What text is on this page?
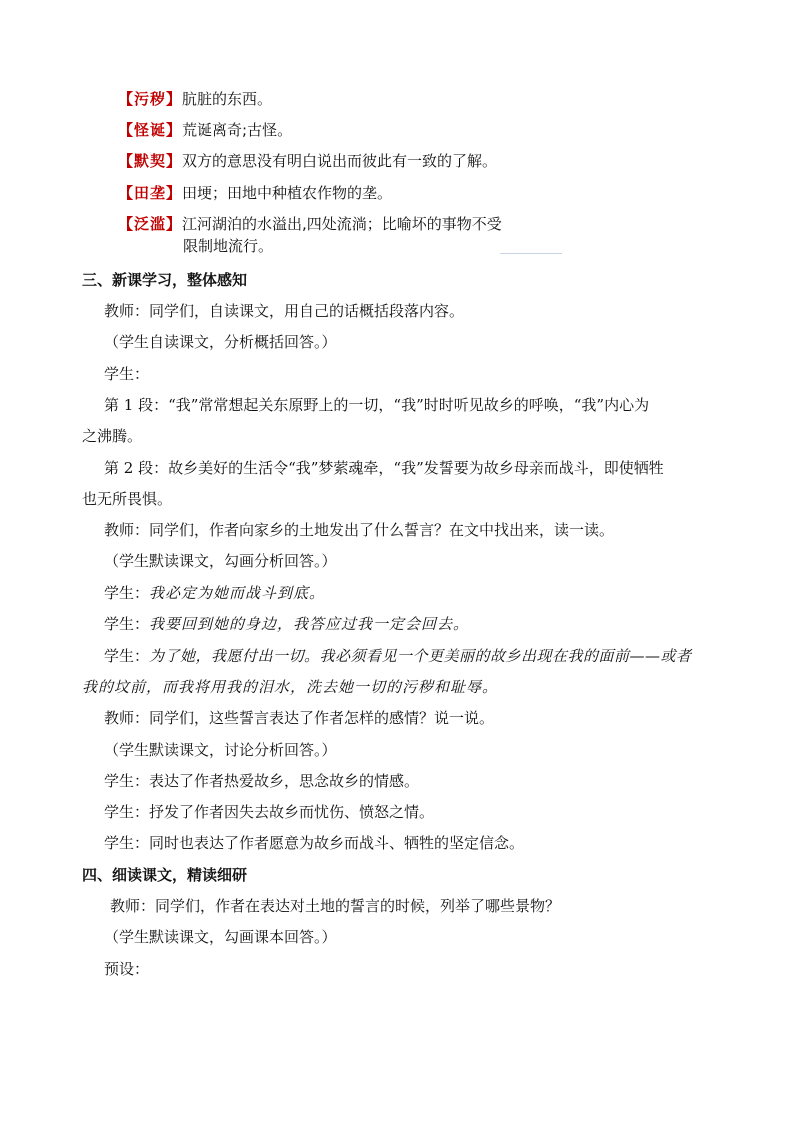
【污秽】肮脏的东西。
【怪诞】荒诞离奇;古怪。
【默契】双方的意思没有明白说出而彼此有一致的了解。
【田垄】田埂；田地中种植农作物的垄。
【泛滥】江河湖泊的水溢出,四处流淌；比喻坏的事物不受
限制地流行。
三、新课学习，整体感知
教师：同学们，自读课文，用自己的话概括段落内容。
（学生自读课文，分析概括回答。）
学生：
第 1 段：“我”常常想起关东原野上的一切，“我”时时听见故乡的呼唤，“我”内心为
之沸腾。
第 2 段：故乡美好的生活令“我”梦萦魂牵，“我”发誓要为故乡母亲而战斗，即使牺牲
也无所畏惧。
教师：同学们，作者向家乡的土地发出了什么誓言？在文中找出来，读一读。
（学生默读课文，勾画分析回答。）
学生：我必定为她而战斗到底。
学生：我要回到她的身边，我答应过我一定会回去。
学生：为了她，我愿付出一切。我必须看见一个更美丽的故乡出现在我的面前——或者
我的坟前，而我将用我的泪水，洗去她一切的污秽和耻辱。
教师：同学们，这些誓言表达了作者怎样的感情？说一说。
（学生默读课文，讨论分析回答。）
学生：表达了作者热爱故乡，思念故乡的情感。
学生：抒发了作者因失去故乡而忧伤、愤怒之情。
学生：同时也表达了作者愿意为故乡而战斗、牺牲的坚定信念。
四、细读课文，精读细研
教师：同学们，作者在表达对土地的誓言的时候，列举了哪些景物？
（学生默读课文，勾画课本回答。）
预设：
